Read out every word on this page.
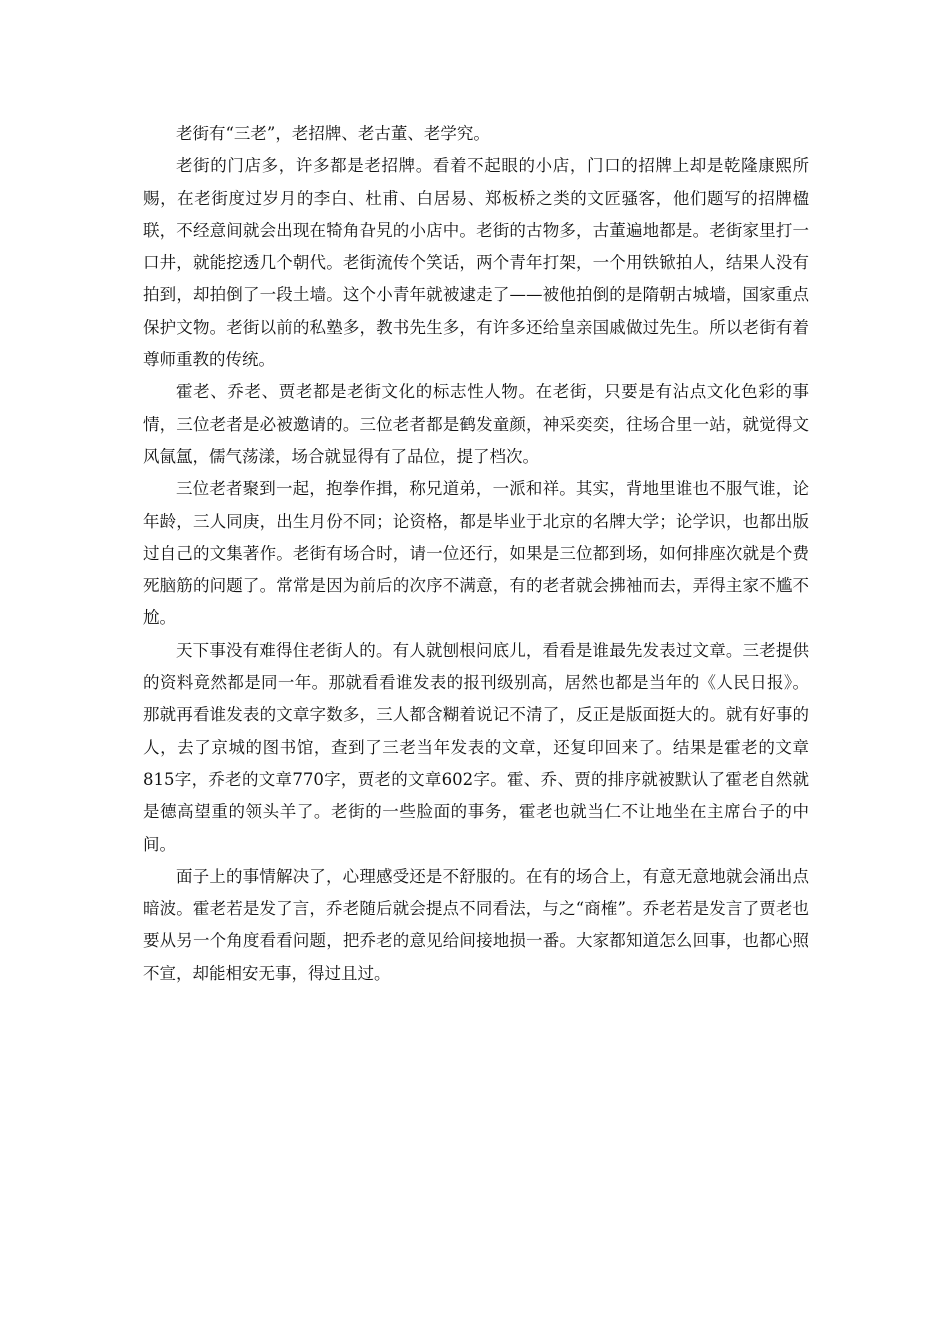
老街有“三老”，老招牌、老古董、老学究。

老街的门店多，许多都是老招牌。看着不起眼的小店，门口的招牌上却是乾隆康熙所赐，在老街度过岁月的李白、杜甫、白居易、郑板桥之类的文匠骚客，他们题写的招牌楹联，不经意间就会出现在犄角旮旯的小店中。老街的古物多，古董遍地都是。老街家里打一口井，就能挖透几个朝代。老街流传个笑话，两个青年打架，一个用铁锨拍人，结果人没有拍到，却拍倒了一段土墙。这个小青年就被逮走了——被他拍倒的是隋朝古城墙，国家重点保护文物。老街以前的私塾多，教书先生多，有许多还给皇亲国戚做过先生。所以老街有着尊师重教的传统。

霍老、乔老、贾老都是老街文化的标志性人物。在老街，只要是有沾点文化色彩的事情，三位老者是必被邀请的。三位老者都是鹤发童颜，神采奕奕，往场合里一站，就觉得文风氤氲，儒气荡漾，场合就显得有了品位，提了档次。

三位老者聚到一起，抱拳作揖，称兄道弟，一派和祥。其实，背地里谁也不服气谁，论年龄，三人同庚，出生月份不同；论资格，都是毕业于北京的名牌大学；论学识，也都出版过自己的文集著作。老街有场合时，请一位还行，如果是三位都到场，如何排座次就是个费死脑筋的问题了。常常是因为前后的次序不满意，有的老者就会拂袖而去，弄得主家不尴不尬。

天下事没有难得住老街人的。有人就刨根问底儿，看看是谁最先发表过文章。三老提供的资料竟然都是同一年。那就看看谁发表的报刊级别高，居然也都是当年的《人民日报》。那就再看谁发表的文章字数多，三人都含糊着说记不清了，反正是版面挺大的。就有好事的人，去了京城的图书馆，查到了三老当年发表的文章，还复印回来了。结果是霍老的文章815字，乔老的文章770字，贾老的文章602字。霍、乔、贾的排序就被默认了霍老自然就是德高望重的领头羊了。老街的一些脸面的事务，霍老也就当仁不让地坐在主席台子的中间。

面子上的事情解决了，心理感受还是不舒服的。在有的场合上，有意无意地就会涌出点暗波。霍老若是发了言，乔老随后就会提点不同看法，与之“商榷”。乔老若是发言了贾老也要从另一个角度看看问题，把乔老的意见给间接地损一番。大家都知道怎么回事，也都心照不宣，却能相安无事，得过且过。
